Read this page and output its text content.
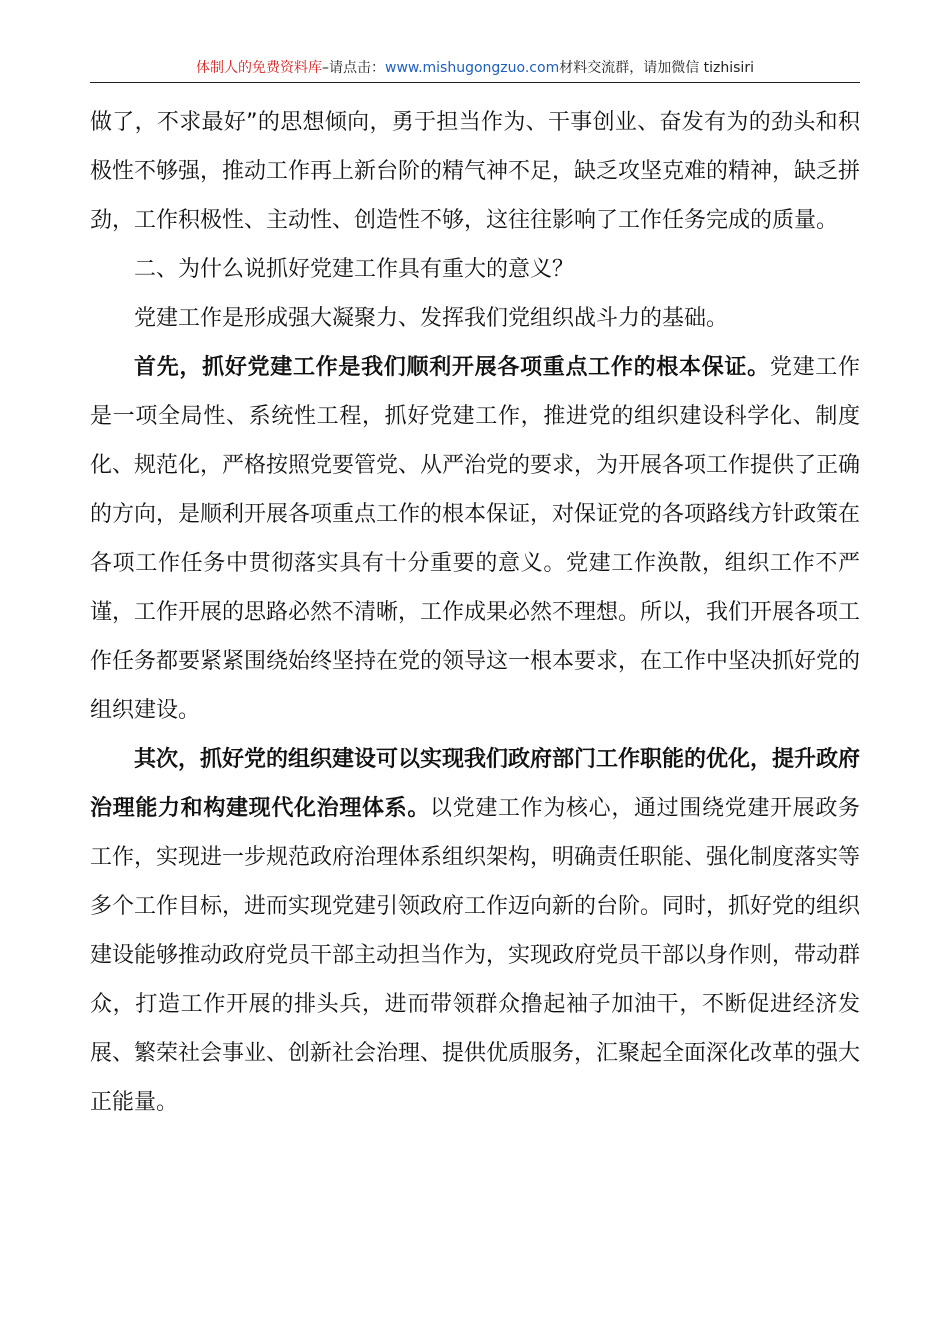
体制人的免费资料库–请点击：www.mishugongzuo.com材料交流群，请加微信 tizhisiri

做了，不求最好”的思想倾向，勇于担当作为、干事创业、奋发有为的劲头和积极性不够强，推动工作再上新台阶的精气神不足，缺乏攻坚克难的精神，缺乏拼劲，工作积极性、主动性、创造性不够，这往往影响了工作任务完成的质量。

二、为什么说抓好党建工作具有重大的意义？

党建工作是形成强大凝聚力、发挥我们党组织战斗力的基础。

首先，抓好党建工作是我们顺利开展各项重点工作的根本保证。党建工作是一项全局性、系统性工程，抓好党建工作，推进党的组织建设科学化、制度化、规范化，严格按照党要管党、从严治党的要求，为开展各项工作提供了正确的方向，是顺利开展各项重点工作的根本保证，对保证党的各项路线方针政策在各项工作任务中贯彻落实具有十分重要的意义。党建工作涣散，组织工作不严谨，工作开展的思路必然不清晰，工作成果必然不理想。所以，我们开展各项工作任务都要紧紧围绕始终坚持在党的领导这一根本要求，在工作中坚决抓好党的组织建设。

其次，抓好党的组织建设可以实现我们政府部门工作职能的优化，提升政府治理能力和构建现代化治理体系。以党建工作为核心，通过围绕党建开展政务工作，实现进一步规范政府治理体系组织架构，明确责任职能、强化制度落实等多个工作目标，进而实现党建引领政府工作迈向新的台阶。同时，抓好党的组织建设能够推动政府党员干部主动担当作为，实现政府党员干部以身作则，带动群众，打造工作开展的排头兵，进而带领群众撸起袖子加油干，不断促进经济发展、繁荣社会事业、创新社会治理、提供优质服务，汇聚起全面深化改革的强大正能量。
